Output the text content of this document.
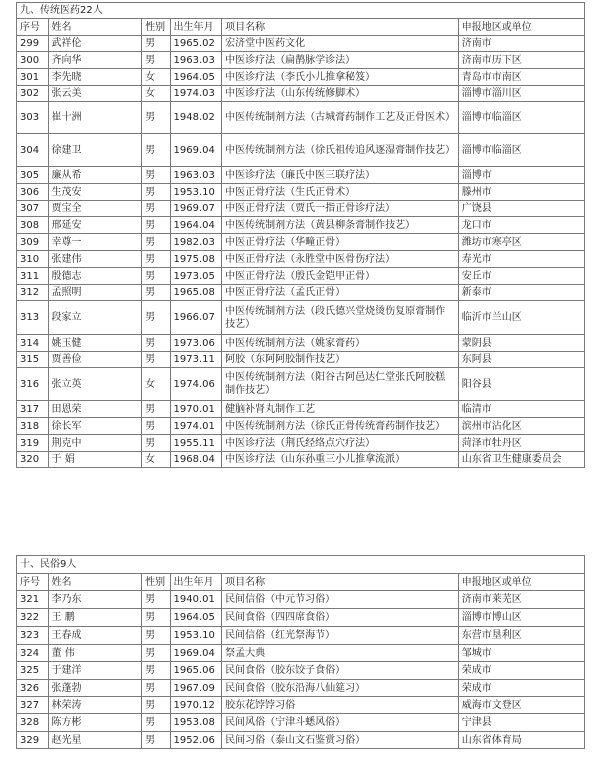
九、传统医药22人					
序号	姓名	性别	出生年月	项目名称	申报地区或单位
299	武祥伦	男	1965.02	宏济堂中医药文化	济南市
300	齐向华	男	1963.03	中医诊疗法（扁鹊脉学诊法）	济南市历下区
301	李先晓	女	1964.05	中医诊疗法（李氏小儿推拿秘笈）	青岛市市南区
302	张云美	女	1974.03	中医诊疗法（山东传统修脚术）	淄博市淄川区
303	崔十洲	男	1948.02	中医传统制剂方法（古城膏药制作工艺及正骨医术）	淄博市临淄区
304	徐建卫	男	1969.04	中医传统制剂方法（徐氏祖传追风逐湿膏制作技艺）	淄博市临淄区
305	廉从希	男	1963.03	中医诊疗法（廉氏中医三联疗法）	淄博市
306	生茂安	男	1953.10	中医正骨疗法（生氏正骨术）	滕州市
307	贾宝全	男	1969.07	中医正骨疗法（贾氏一指正骨诊疗法）	广饶县
308	邢延安	男	1964.04	中医传统制剂方法（黄县柳条膏制作技艺）	龙口市
309	幸尊一	男	1982.03	中医正骨疗法（华疃正骨）	潍坊市寒亭区
310	张建伟	男	1975.08	中医正骨疗法（永胜堂中医骨伤疗法）	寿光市
311	殷德志	男	1973.05	中医正骨疗法（殷氏金铠甲正骨）	安丘市
312	孟照明	男	1965.08	中医正骨疗法（孟氏正骨）	新泰市
313	段家立	男	1966.07	中医传统制剂方法（段氏德兴堂烧烫伤复原膏制作技艺）	临沂市兰山区
314	姚玉健	男	1973.06	中医传统制剂方法（姚家膏药）	蒙阴县
315	贾善俭	男	1973.11	阿胶（东阿阿胶制作技艺）	东阿县
316	张立英	女	1974.06	中医传统制剂方法（阳谷古阿邑达仁堂张氏阿胶糕制作技艺）	阳谷县
317	田恩荣	男	1970.01	健脑补肾丸制作工艺	临清市
318	徐长军	男	1974.01	中医传统制剂方法（徐氏正骨传统膏药制作技艺）	滨州市沾化区
319	荆克中	男	1955.11	中医诊疗法（荆氏经络点穴疗法）	菏泽市牡丹区
320	于 娟	女	1968.04	中医诊疗法（山东孙重三小儿推拿流派）	山东省卫生健康委员会
十、民俗9人					
序号	姓名	性别	出生年月	项目名称	申报地区或单位
321	李乃东	男	1940.01	民间信俗（中元节习俗）	济南市莱芜区
322	王 鹏	男	1964.05	民间食俗（四四席食俗）	淄博市博山区
323	王春成	男	1953.10	民间信俗（红光祭海节）	东营市垦利区
324	董 伟	男	1969.04	祭孟大典	邹城市
325	于建洋	男	1965.06	民间食俗（胶东饺子食俗）	荣成市
326	张蓬勃	男	1967.09	民间食俗（胶东沿海八仙筵习）	荣成市
327	林荣涛	男	1970.12	胶东花饽饽习俗	威海市文登区
328	陈方彬	男	1953.08	民间风俗（宁津斗蟋风俗）	宁津县
329	赵光星	男	1952.06	民间习俗（泰山文石鉴赏习俗）	山东省体育局
